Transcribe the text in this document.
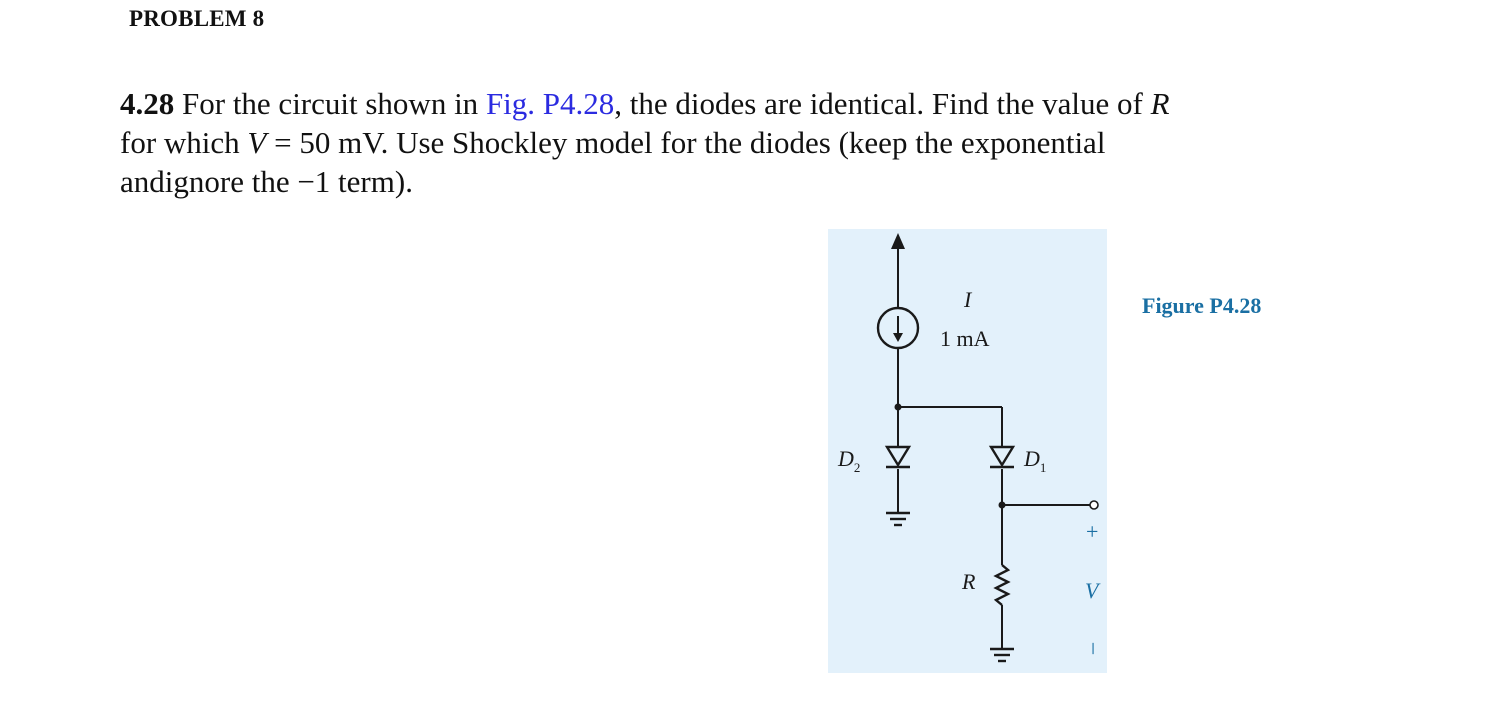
PROBLEM 8
4.28 For the circuit shown in Fig. P4.28, the diodes are identical. Find the value of R
for which V = 50 mV. Use Shockley model for the diodes (keep the exponential
andignore the −1 term).
I
1 mA
$D_2$	$D_1$
R
+
V
–
Figure P4.28
